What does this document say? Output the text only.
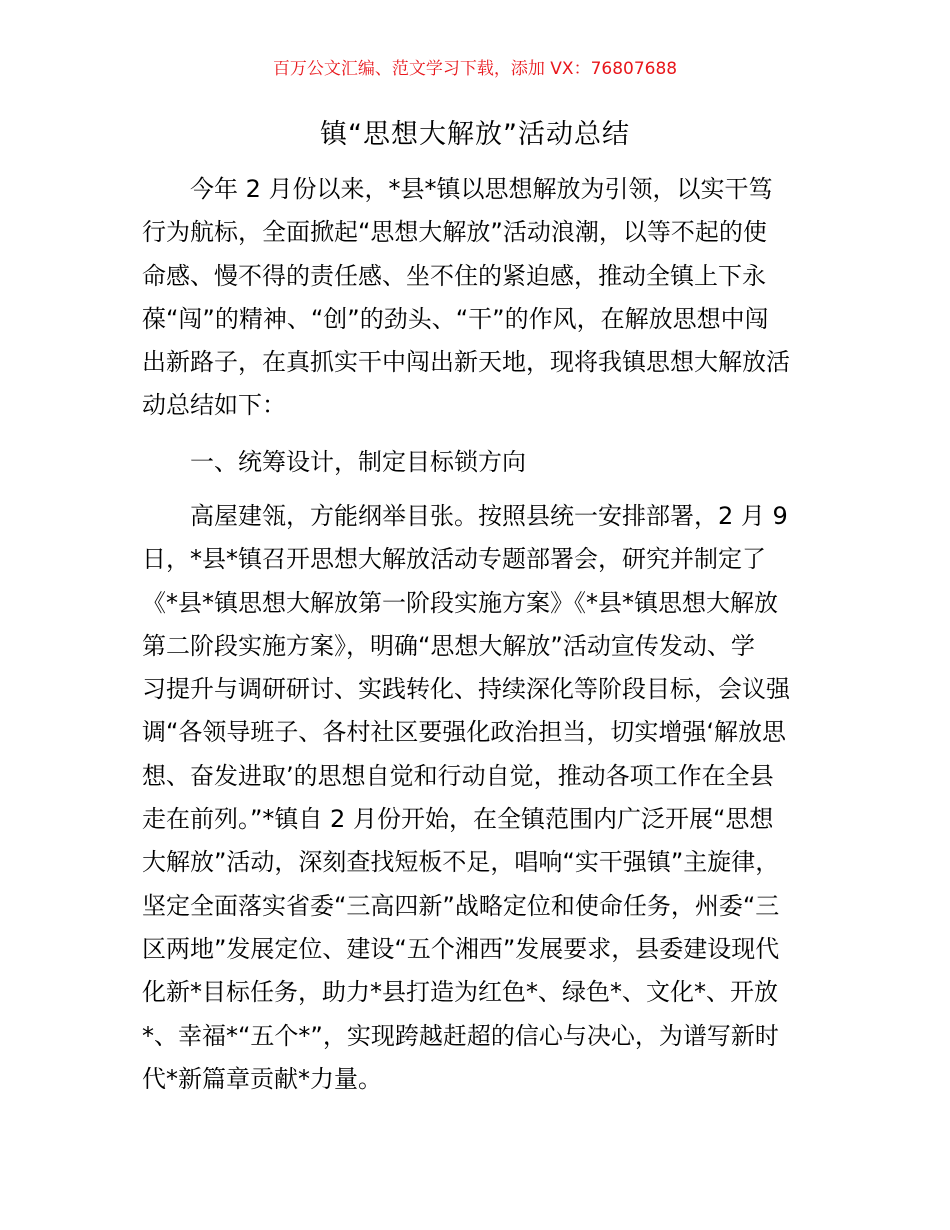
百万公文汇编、范文学习下载，添加 VX：76807688
镇“思想大解放”活动总结

今年 2 月份以来，*县*镇以思想解放为引领，以实干笃
行为航标，全面掀起“思想大解放”活动浪潮，以等不起的使
命感、慢不得的责任感、坐不住的紧迫感，推动全镇上下永
葆“闯”的精神、“创”的劲头、“干”的作风，在解放思想中闯
出新路子，在真抓实干中闯出新天地，现将我镇思想大解放活
动总结如下：

一、统筹设计，制定目标锁方向

高屋建瓴，方能纲举目张。按照县统一安排部署，2 月 9
日，*县*镇召开思想大解放活动专题部署会，研究并制定了
《*县*镇思想大解放第一阶段实施方案》《*县*镇思想大解放
第二阶段实施方案》，明确“思想大解放”活动宣传发动、学
习提升与调研研讨、实践转化、持续深化等阶段目标，会议强
调“各领导班子、各村社区要强化政治担当，切实增强‘解放思
想、奋发进取’的思想自觉和行动自觉，推动各项工作在全县
走在前列。”*镇自 2 月份开始，在全镇范围内广泛开展“思想
大解放”活动，深刻查找短板不足，唱响“实干强镇”主旋律，
坚定全面落实省委“三高四新”战略定位和使命任务，州委“三
区两地”发展定位、建设“五个湘西”发展要求，县委建设现代
化新*目标任务，助力*县打造为红色*、绿色*、文化*、开放
*、幸福*“五个*”，实现跨越赶超的信心与决心，为谱写新时
代*新篇章贡献*力量。
